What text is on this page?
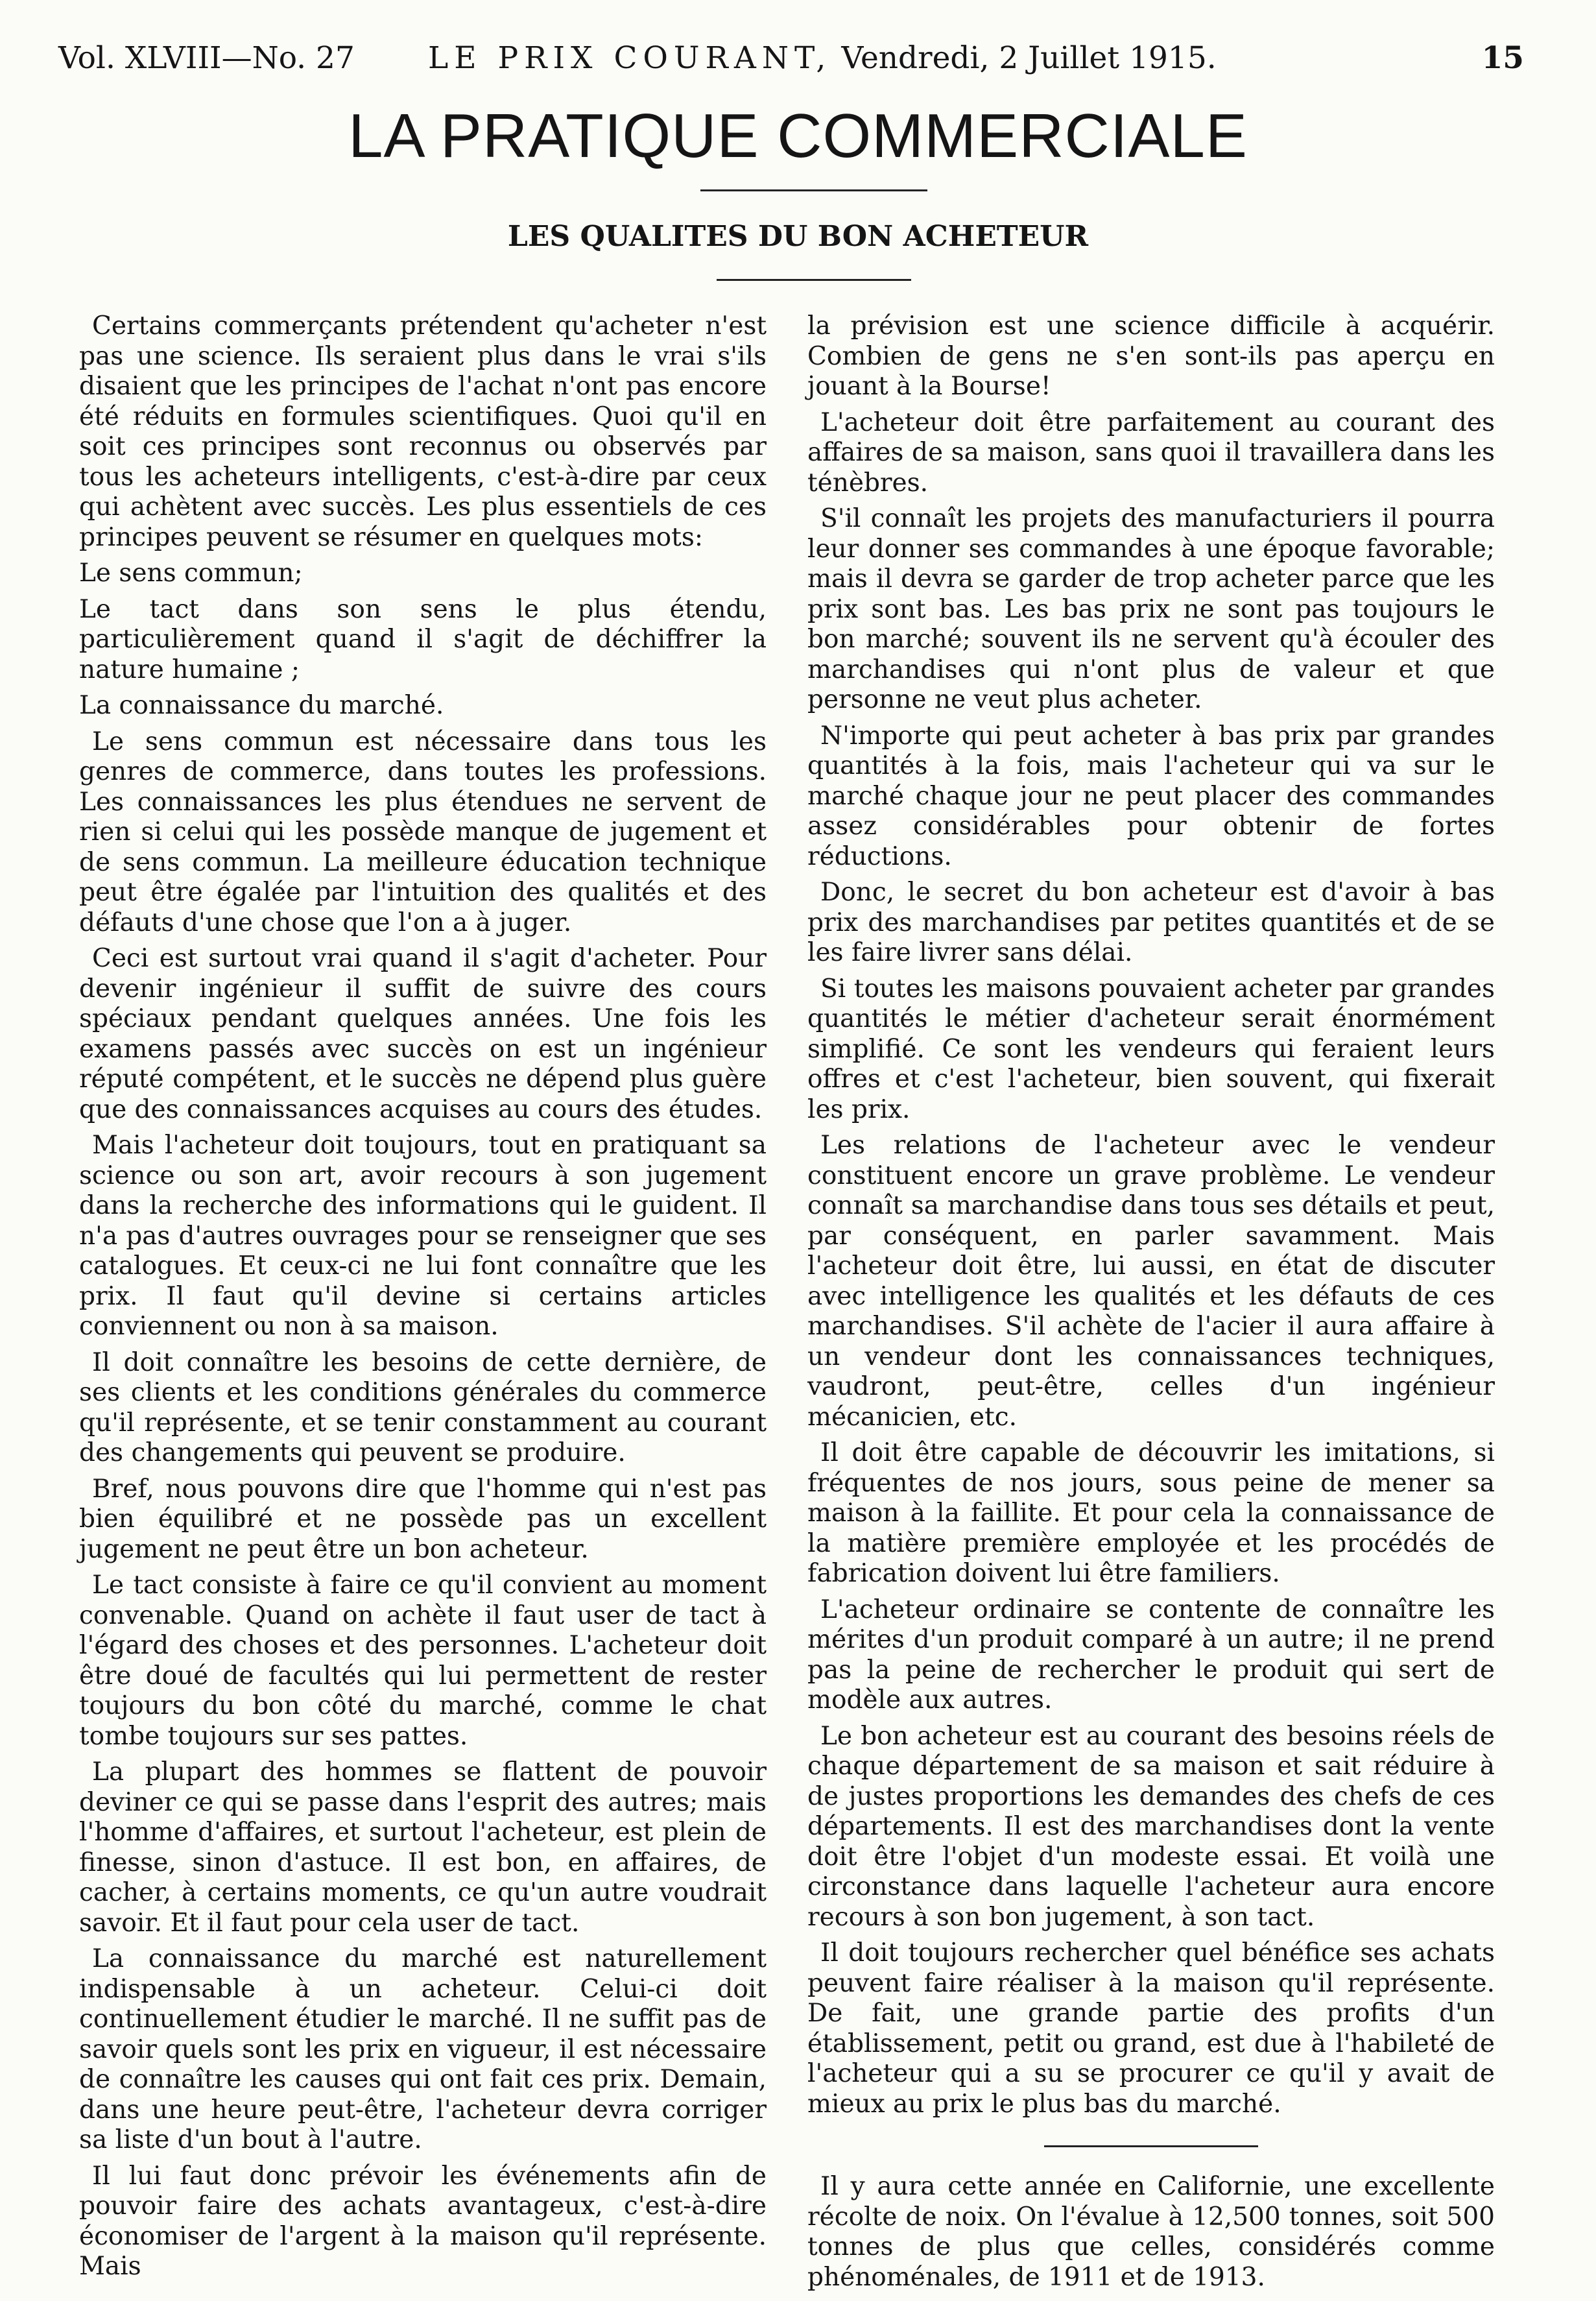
Vol. XLVIII—No. 27 LE PRIX COURANT, Vendredi, 2 Juillet 1915.	15
LA PRATIQUE COMMERCIALE
LES QUALITES DU BON ACHETEUR

Certains commerçants prétendent qu'acheter n'est pas une science. Ils seraient plus dans le vrai s'ils disaient que les principes de l'achat n'ont pas encore été réduits en formules scientifiques. Quoi qu'il en soit ces principes sont reconnus ou observés par tous les acheteurs intelligents, c'est-à-dire par ceux qui achètent avec succès. Les plus essentiels de ces principes peuvent se résumer en quelques mots:

Le sens commun;

Le tact dans son sens le plus étendu, particulièrement quand il s'agit de déchiffrer la nature humaine ;

La connaissance du marché.

Le sens commun est nécessaire dans tous les genres de commerce, dans toutes les professions. Les connaissances les plus étendues ne servent de rien si celui qui les possède manque de jugement et de sens commun. La meilleure éducation technique peut être égalée par l'intuition des qualités et des défauts d'une chose que l'on a à juger.

Ceci est surtout vrai quand il s'agit d'acheter. Pour devenir ingénieur il suffit de suivre des cours spéciaux pendant quelques années. Une fois les examens passés avec succès on est un ingénieur réputé compétent, et le succès ne dépend plus guère que des connaissances acquises au cours des études.

Mais l'acheteur doit toujours, tout en pratiquant sa science ou son art, avoir recours à son jugement dans la recherche des informations qui le guident. Il n'a pas d'autres ouvrages pour se renseigner que ses catalogues. Et ceux-ci ne lui font connaître que les prix. Il faut qu'il devine si certains articles conviennent ou non à sa maison.

Il doit connaître les besoins de cette dernière, de ses clients et les conditions générales du commerce qu'il représente, et se tenir constamment au courant des changements qui peuvent se produire.

Bref, nous pouvons dire que l'homme qui n'est pas bien équilibré et ne possède pas un excellent jugement ne peut être un bon acheteur.

Le tact consiste à faire ce qu'il convient au moment convenable. Quand on achète il faut user de tact à l'égard des choses et des personnes. L'acheteur doit être doué de facultés qui lui permettent de rester toujours du bon côté du marché, comme le chat tombe toujours sur ses pattes.

La plupart des hommes se flattent de pouvoir deviner ce qui se passe dans l'esprit des autres; mais l'homme d'affaires, et surtout l'acheteur, est plein de finesse, sinon d'astuce. Il est bon, en affaires, de cacher, à certains moments, ce qu'un autre voudrait savoir. Et il faut pour cela user de tact.

La connaissance du marché est naturellement indispensable à un acheteur. Celui-ci doit continuellement étudier le marché. Il ne suffit pas de savoir quels sont les prix en vigueur, il est nécessaire de connaître les causes qui ont fait ces prix. Demain, dans une heure peut-être, l'acheteur devra corriger sa liste d'un bout à l'autre.

Il lui faut donc prévoir les événements afin de pouvoir faire des achats avantageux, c'est-à-dire économiser de l'argent à la maison qu'il représente. Mais

la prévision est une science difficile à acquérir. Combien de gens ne s'en sont-ils pas aperçu en jouant à la Bourse!

L'acheteur doit être parfaitement au courant des affaires de sa maison, sans quoi il travaillera dans les ténèbres.

S'il connaît les projets des manufacturiers il pourra leur donner ses commandes à une époque favorable; mais il devra se garder de trop acheter parce que les prix sont bas. Les bas prix ne sont pas toujours le bon marché; souvent ils ne servent qu'à écouler des marchandises qui n'ont plus de valeur et que personne ne veut plus acheter.

N'importe qui peut acheter à bas prix par grandes quantités à la fois, mais l'acheteur qui va sur le marché chaque jour ne peut placer des commandes assez considérables pour obtenir de fortes réductions.

Donc, le secret du bon acheteur est d'avoir à bas prix des marchandises par petites quantités et de se les faire livrer sans délai.

Si toutes les maisons pouvaient acheter par grandes quantités le métier d'acheteur serait énormément simplifié. Ce sont les vendeurs qui feraient leurs offres et c'est l'acheteur, bien souvent, qui fixerait les prix.

Les relations de l'acheteur avec le vendeur constituent encore un grave problème. Le vendeur connaît sa marchandise dans tous ses détails et peut, par conséquent, en parler savamment. Mais l'acheteur doit être, lui aussi, en état de discuter avec intelligence les qualités et les défauts de ces marchandises. S'il achète de l'acier il aura affaire à un vendeur dont les connaissances techniques, vaudront, peut-être, celles d'un ingénieur mécanicien, etc.

Il doit être capable de découvrir les imitations, si fréquentes de nos jours, sous peine de mener sa maison à la faillite. Et pour cela la connaissance de la matière première employée et les procédés de fabrication doivent lui être familiers.

L'acheteur ordinaire se contente de connaître les mérites d'un produit comparé à un autre; il ne prend pas la peine de rechercher le produit qui sert de modèle aux autres.

Le bon acheteur est au courant des besoins réels de chaque département de sa maison et sait réduire à de justes proportions les demandes des chefs de ces départements. Il est des marchandises dont la vente doit être l'objet d'un modeste essai. Et voilà une circonstance dans laquelle l'acheteur aura encore recours à son bon jugement, à son tact.

Il doit toujours rechercher quel bénéfice ses achats peuvent faire réaliser à la maison qu'il représente. De fait, une grande partie des profits d'un établissement, petit ou grand, est due à l'habileté de l'acheteur qui a su se procurer ce qu'il y avait de mieux au prix le plus bas du marché.

Il y aura cette année en Californie, une excellente récolte de noix. On l'évalue à 12,500 tonnes, soit 500 tonnes de plus que celles, considérés comme phénoménales, de 1911 et de 1913.
